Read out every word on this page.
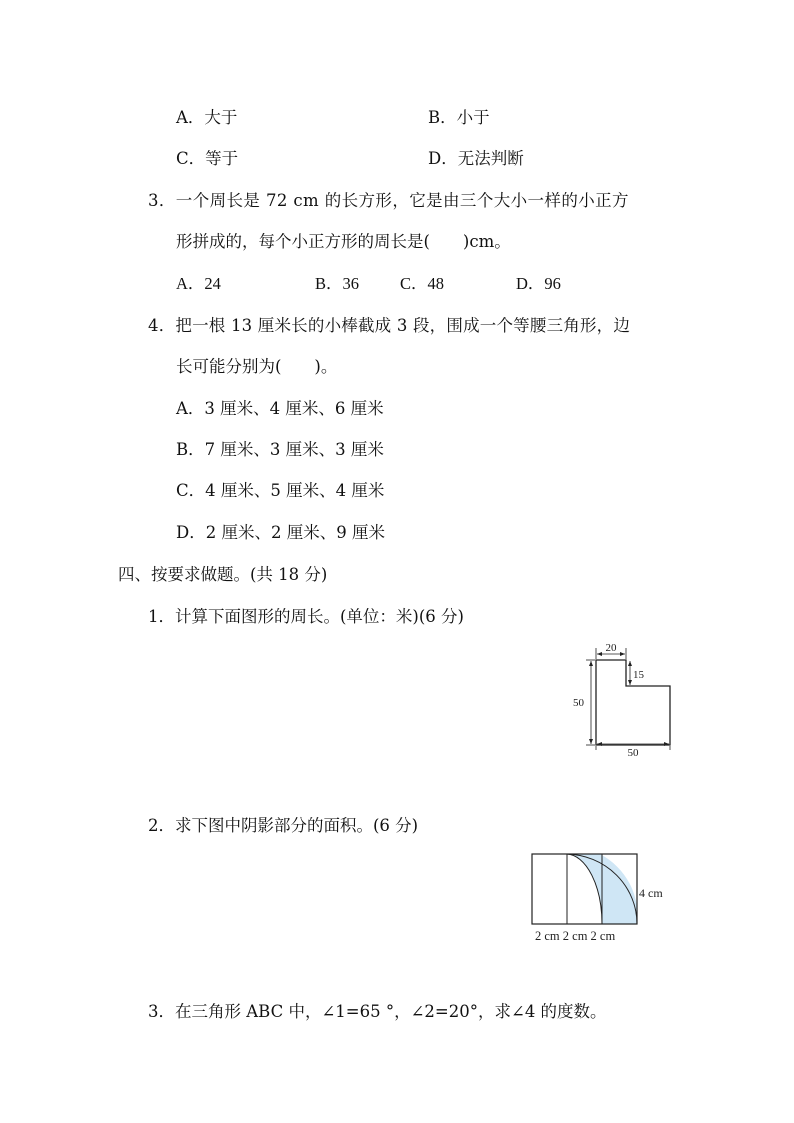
A．大于	B．小于
C．等于	D．无法判断
3．一个周长是 72 cm 的长方形，它是由三个大小一样的小正方
形拼成的，每个小正方形的周长是(　　)cm。
A．24	B．36 C．48	D．96
4．把一根 13 厘米长的小棒截成 3 段，围成一个等腰三角形，边
长可能分别为(　　)。
A．3 厘米、4 厘米、6 厘米
B．7 厘米、3 厘米、3 厘米
C．4 厘米、5 厘米、4 厘米
D．2 厘米、2 厘米、9 厘米
四、按要求做题。(共 18 分)
1．计算下面图形的周长。(单位：米)(6 分)
20
15
50
50
2．求下图中阴影部分的面积。(6 分)
4 cm
2 cm 2 cm 2 cm
3．在三角形 ABC 中，∠1=65 °，∠2=20°，求∠4 的度数。
